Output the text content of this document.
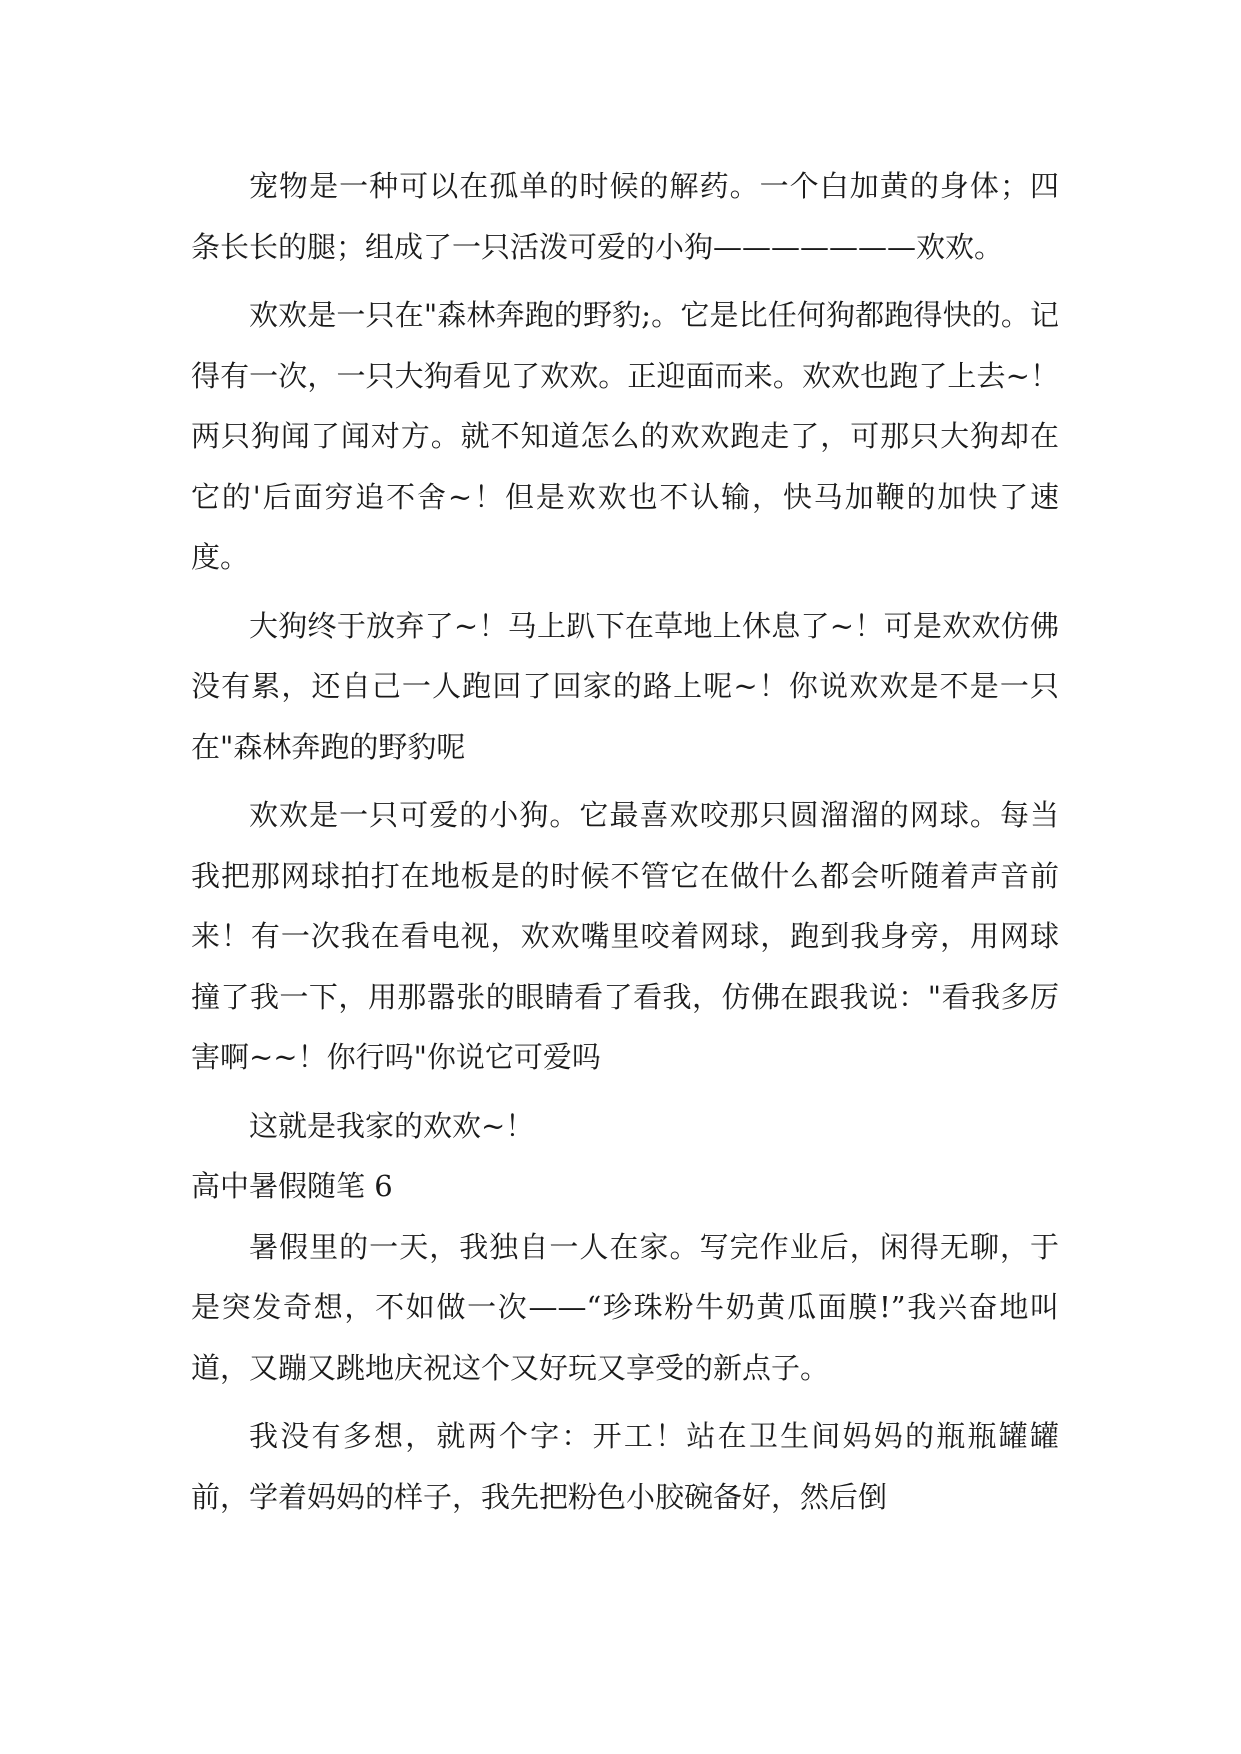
宠物是一种可以在孤单的时候的解药。一个白加黄的身体；四条长长的腿；组成了一只活泼可爱的小狗———————欢欢。

欢欢是一只在"森林奔跑的野豹;。它是比任何狗都跑得快的。记得有一次，一只大狗看见了欢欢。正迎面而来。欢欢也跑了上去~！两只狗闻了闻对方。就不知道怎么的欢欢跑走了，可那只大狗却在它的'后面穷追不舍~！但是欢欢也不认输，快马加鞭的加快了速度。

大狗终于放弃了~！马上趴下在草地上休息了~！可是欢欢仿佛没有累，还自己一人跑回了回家的路上呢~！你说欢欢是不是一只在"森林奔跑的野豹呢

欢欢是一只可爱的小狗。它最喜欢咬那只圆溜溜的网球。每当我把那网球拍打在地板是的时候不管它在做什么都会听随着声音前来！有一次我在看电视，欢欢嘴里咬着网球，跑到我身旁，用网球撞了我一下，用那嚣张的眼睛看了看我，仿佛在跟我说："看我多厉害啊~~！你行吗"你说它可爱吗

这就是我家的欢欢~！

高中暑假随笔 6

暑假里的一天，我独自一人在家。写完作业后，闲得无聊，于是突发奇想，不如做一次——“珍珠粉牛奶黄瓜面膜!”我兴奋地叫道，又蹦又跳地庆祝这个又好玩又享受的新点子。

我没有多想，就两个字：开工！站在卫生间妈妈的瓶瓶罐罐前，学着妈妈的样子，我先把粉色小胶碗备好，然后倒
